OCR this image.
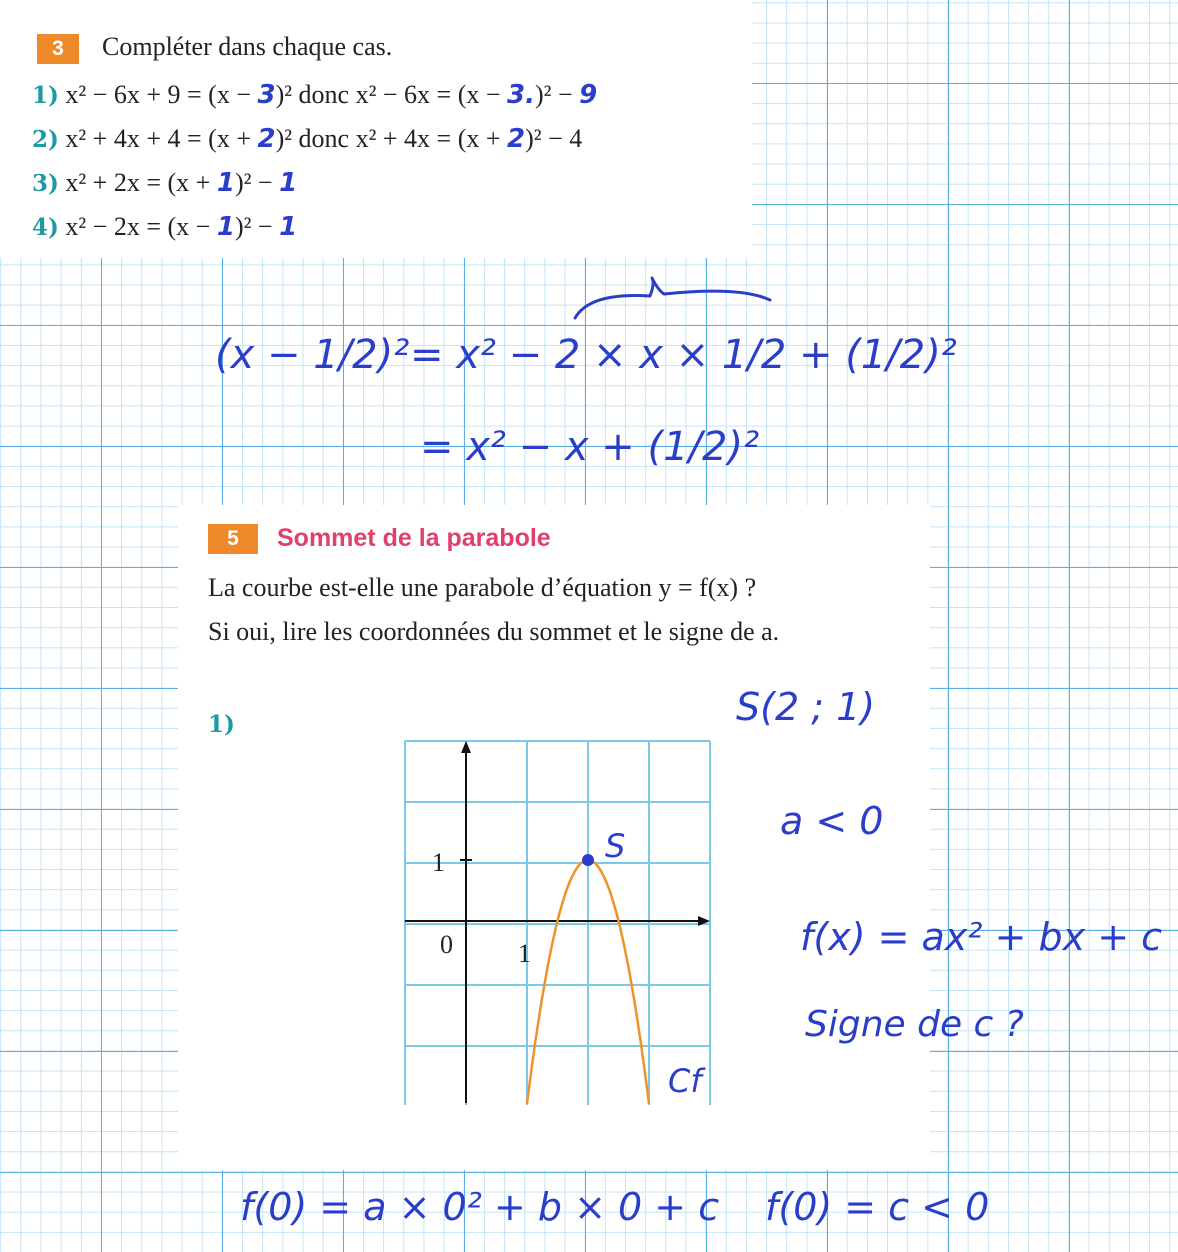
3	Compléter dans chaque cas.
1) x² − 6x + 9 = (x − 3)² donc x² − 6x = (x − 3.)² − 9
2) x² + 4x + 4 = (x + 2)² donc x² + 4x = (x + 2)² − 4
3) x² + 2x = (x + 1)² − 1
4) x² − 2x = (x − 1)² − 1
(x − 1/2)² = x² − 2 × x × 1/2 + (1/2)²
= x² − x + (1/2)²
5	Sommet de la parabole
La courbe est-elle une parabole d’équation y = f(x) ?
Si oui, lire les coordonnées du sommet et le signe de a.
1)
1
0	1
S
Cf
S(2 ; 1)
a < 0
f(x) = ax² + bx + c
Signe de c ?
f(0) = a × 0² + b × 0 + c f(0) = c < 0
